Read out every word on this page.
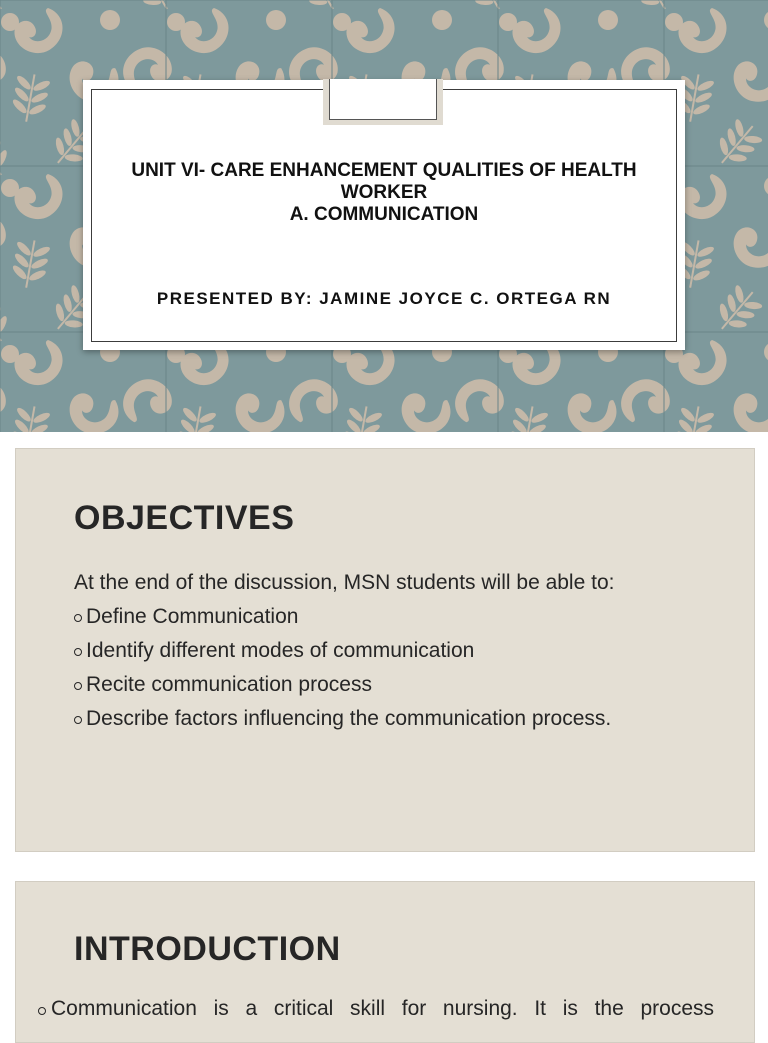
UNIT VI- CARE ENHANCEMENT QUALITIES OF HEALTH
WORKER
A. COMMUNICATION
PRESENTED BY: JAMINE JOYCE C. ORTEGA RN
OBJECTIVES
At the end of the discussion, MSN students will be able to:
Define Communication
Identify different modes of communication
Recite communication process
Describe factors influencing the communication process.
INTRODUCTION
Communication is a critical skill for nursing. It is the process
